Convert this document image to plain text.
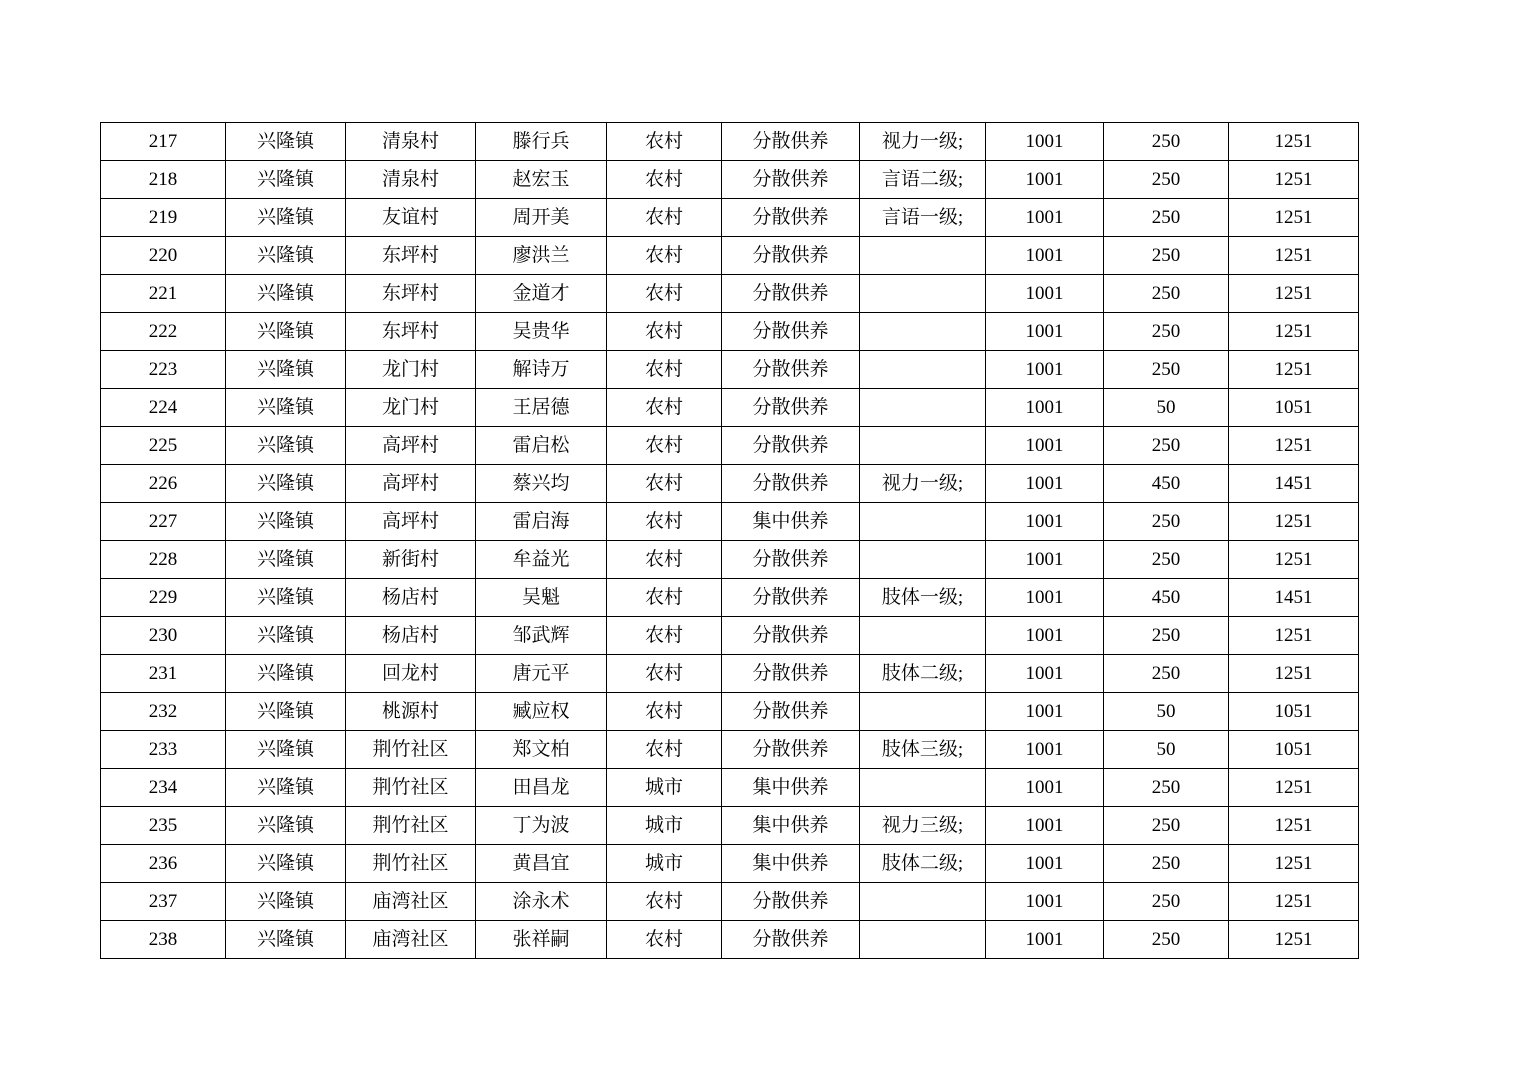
217	兴隆镇	清泉村	滕行兵	农村	分散供养	视力一级;	1001	250	1251
218	兴隆镇	清泉村	赵宏玉	农村	分散供养	言语二级;	1001	250	1251
219	兴隆镇	友谊村	周开美	农村	分散供养	言语一级;	1001	250	1251
220	兴隆镇	东坪村	廖洪兰	农村	分散供养		1001	250	1251
221	兴隆镇	东坪村	金道才	农村	分散供养		1001	250	1251
222	兴隆镇	东坪村	吴贵华	农村	分散供养		1001	250	1251
223	兴隆镇	龙门村	解诗万	农村	分散供养		1001	250	1251
224	兴隆镇	龙门村	王居德	农村	分散供养		1001	50	1051
225	兴隆镇	高坪村	雷启松	农村	分散供养		1001	250	1251
226	兴隆镇	高坪村	蔡兴均	农村	分散供养	视力一级;	1001	450	1451
227	兴隆镇	高坪村	雷启海	农村	集中供养		1001	250	1251
228	兴隆镇	新街村	牟益光	农村	分散供养		1001	250	1251
229	兴隆镇	杨店村	吴魁	农村	分散供养	肢体一级;	1001	450	1451
230	兴隆镇	杨店村	邹武辉	农村	分散供养		1001	250	1251
231	兴隆镇	回龙村	唐元平	农村	分散供养	肢体二级;	1001	250	1251
232	兴隆镇	桃源村	臧应权	农村	分散供养		1001	50	1051
233	兴隆镇	荆竹社区	郑文柏	农村	分散供养	肢体三级;	1001	50	1051
234	兴隆镇	荆竹社区	田昌龙	城市	集中供养		1001	250	1251
235	兴隆镇	荆竹社区	丁为波	城市	集中供养	视力三级;	1001	250	1251
236	兴隆镇	荆竹社区	黄昌宜	城市	集中供养	肢体二级;	1001	250	1251
237	兴隆镇	庙湾社区	涂永术	农村	分散供养		1001	250	1251
238	兴隆镇	庙湾社区	张祥嗣	农村	分散供养		1001	250	1251
